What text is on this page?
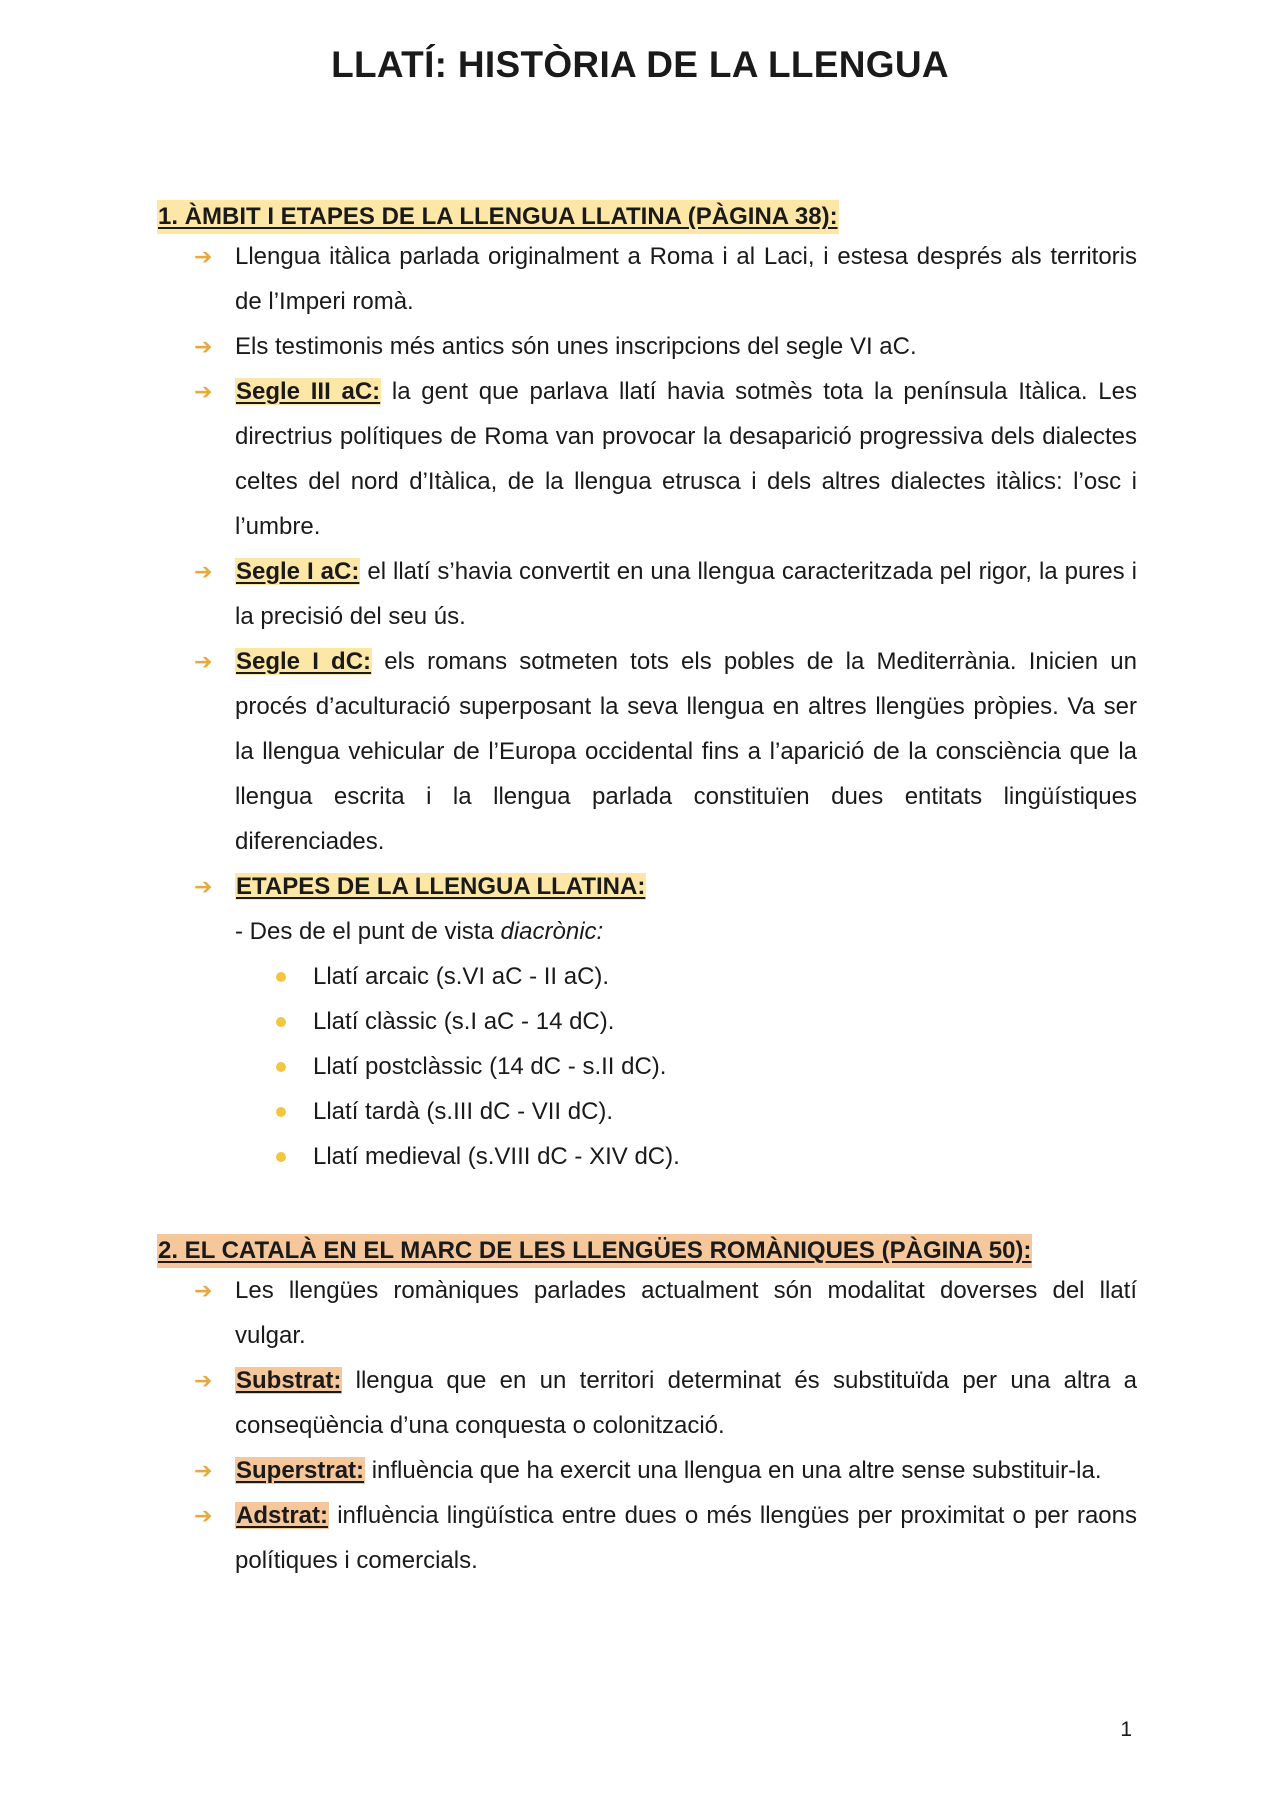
LLATÍ: HISTÒRIA DE LA LLENGUA
1. ÀMBIT I ETAPES DE LA LLENGUA LLATINA (PÀGINA 38):
➔ Llengua itàlica parlada originalment a Roma i al Laci, i estesa després als territoris de l’Imperi romà.
➔ Els testimonis més antics són unes inscripcions del segle VI aC.
➔ Segle III aC: la gent que parlava llatí havia sotmès tota la península Itàlica. Les directrius polítiques de Roma van provocar la desaparició progressiva dels dialectes celtes del nord d’Itàlica, de la llengua etrusca i dels altres dialectes itàlics: l’osc i l’umbre.
➔ Segle I aC: el llatí s’havia convertit en una llengua caracteritzada pel rigor, la pures i la precisió del seu ús.
➔ Segle I dC: els romans sotmeten tots els pobles de la Mediterrània. Inicien un procés d’aculturació superposant la seva llengua en altres llengües pròpies. Va ser la llengua vehicular de l’Europa occidental fins a l’aparició de la consciència que la llengua escrita i la llengua parlada constituïen dues entitats lingüístiques diferenciades.
➔ ETAPES DE LA LLENGUA LLATINA:
- Des de el punt de vista diacrònic:
Llatí arcaic (s.VI aC - II aC).
Llatí clàssic (s.I aC - 14 dC).
Llatí postclàssic (14 dC - s.II dC).
Llatí tardà (s.III dC - VII dC).
Llatí medieval (s.VIII dC - XIV dC).
2. EL CATALÀ EN EL MARC DE LES LLENGÜES ROMÀNIQUES (PÀGINA 50):
➔ Les llengües romàniques parlades actualment són modalitat doverses del llatí vulgar.
➔ Substrat: llengua que en un territori determinat és substituïda per una altra a conseqüència d’una conquesta o colonització.
➔ Superstrat: influència que ha exercit una llengua en una altre sense substituir-la.
➔ Adstrat: influència lingüística entre dues o més llengües per proximitat o per raons polítiques i comercials.
1
